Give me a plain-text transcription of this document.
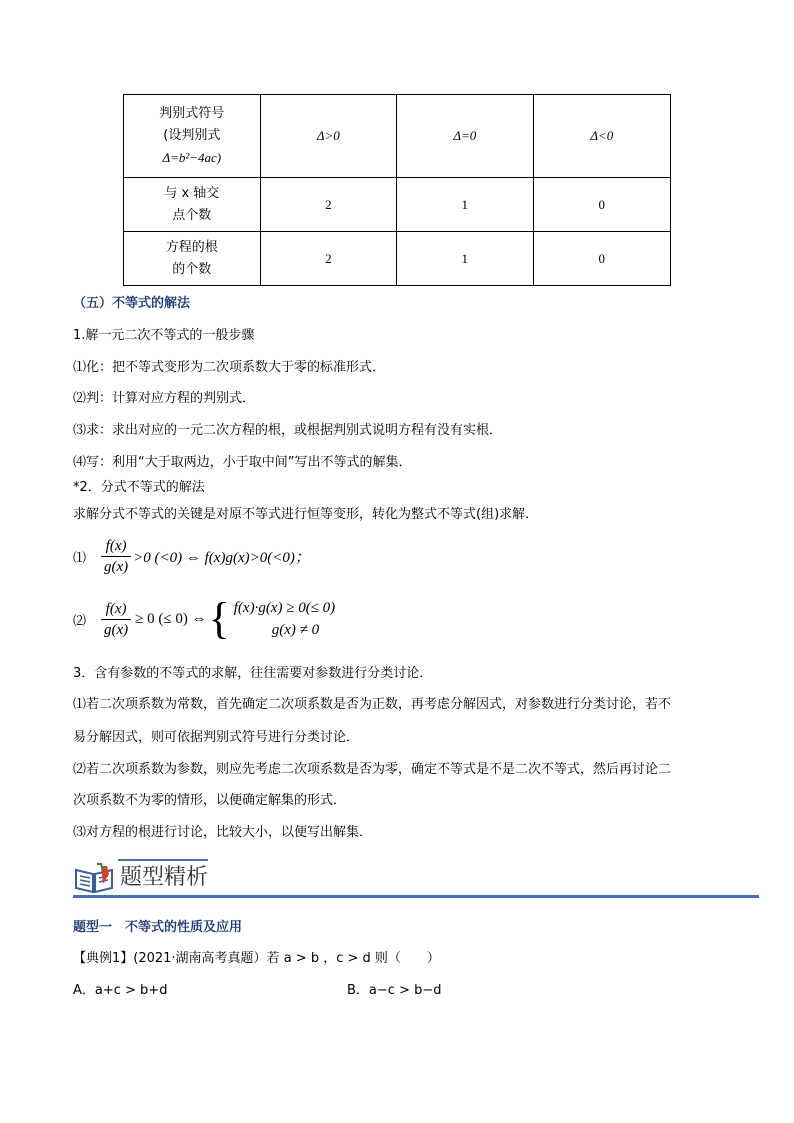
判别式符号
(设判别式
Δ=b²−4ac)	Δ>0	Δ=0	Δ<0

与 x 轴交
点个数	2	1	0

方程的根
的个数	2	1	0
（五）不等式的解法
1.解一元二次不等式的一般步骤
⑴化：把不等式变形为二次项系数大于零的标准形式．
⑵判：计算对应方程的判别式．
⑶求：求出对应的一元二次方程的根，或根据判别式说明方程有没有实根．
⑷写：利用“大于取两边，小于取中间”写出不等式的解集．
*2．分式不等式的解法
求解分式不等式的关键是对原不等式进行恒等变形，转化为整式不等式(组)求解．
⑴ $\frac{f(x)}{g(x)} >0$ (<0) ⇔ f(x)g(x)>0(<0)；
⑵ $\frac{f(x)}{g(x)} \ge 0$ (≤ 0) ⇔ { f(x)·g(x) ≥ 0(≤ 0)
g(x) ≠ 0
3．含有参数的不等式的求解，往往需要对参数进行分类讨论．
⑴若二次项系数为常数，首先确定二次项系数是否为正数，再考虑分解因式，对参数进行分类讨论，若不
易分解因式，则可依据判别式符号进行分类讨论．
⑵若二次项系数为参数，则应先考虑二次项系数是否为零，确定不等式是不是二次不等式，然后再讨论二
次项系数不为零的情形，以便确定解集的形式．
⑶对方程的根进行讨论，比较大小，以便写出解集．
题型精析
题型一　不等式的性质及应用
【典例1】(2021·湖南高考真题）若 a > b ，c > d 则（　　）
A．a+c > b+d	B．a−c > b−d
